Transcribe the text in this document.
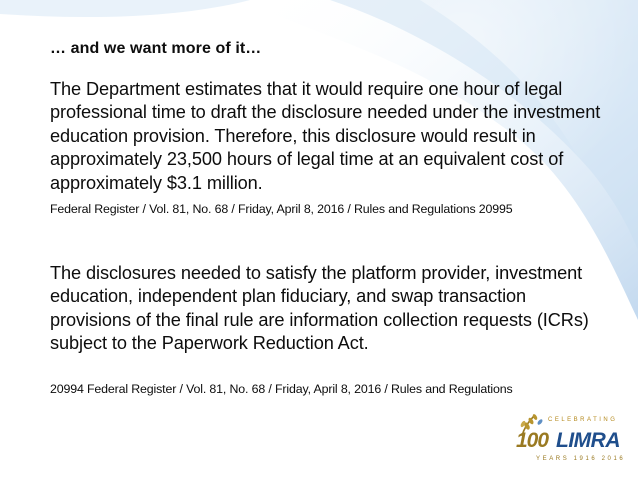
… and we want more of it…
The Department estimates that it would require one hour of legal professional time to draft the disclosure needed under the investment education provision. Therefore, this disclosure would result in approximately 23,500 hours of legal time at an equivalent cost of approximately $3.1 million.
Federal Register / Vol. 81, No. 68 / Friday, April 8, 2016 / Rules and Regulations 20995
The disclosures needed to satisfy the platform provider, investment education, independent plan fiduciary, and swap transaction provisions of the final rule are information collection requests (ICRs) subject to the Paperwork Reduction Act.
20994 Federal Register / Vol. 81, No. 68 / Friday, April 8, 2016 / Rules and Regulations
CELEBRATING
100 LIMRA
YEARS 1916 2016
